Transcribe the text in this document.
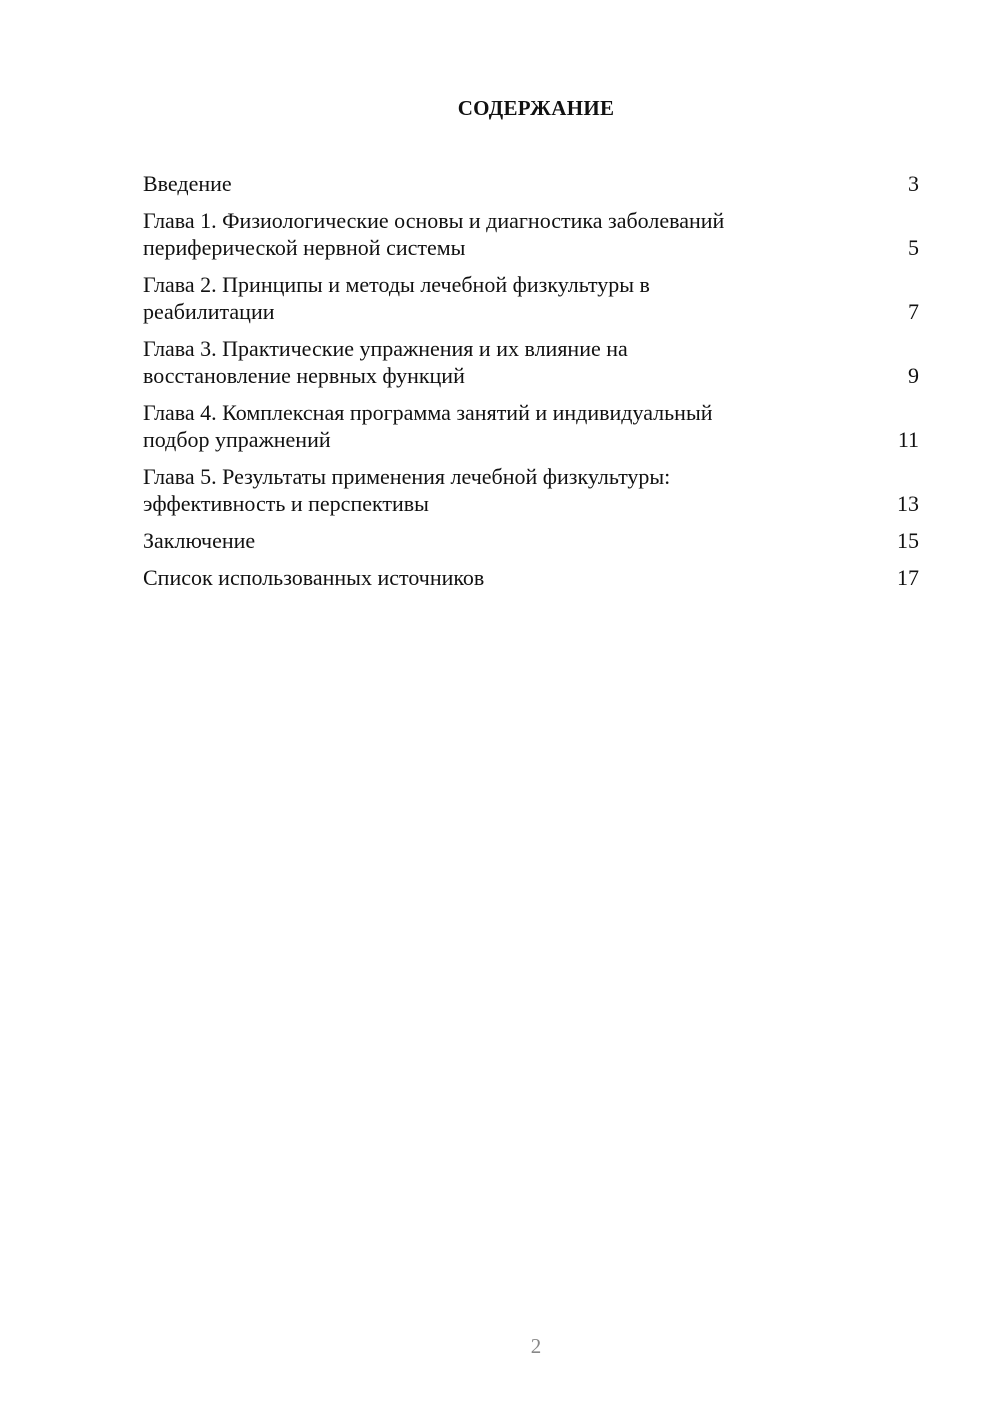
СОДЕРЖАНИЕ
Введение	3
Глава 1. Физиологические основы и диагностика заболеваний
периферической нервной системы	5
Глава 2. Принципы и методы лечебной физкультуры в
реабилитации	7
Глава 3. Практические упражнения и их влияние на
восстановление нервных функций	9
Глава 4. Комплексная программа занятий и индивидуальный
подбор упражнений	11
Глава 5. Результаты применения лечебной физкультуры:
эффективность и перспективы	13
Заключение	15
Список использованных источников	17
2
